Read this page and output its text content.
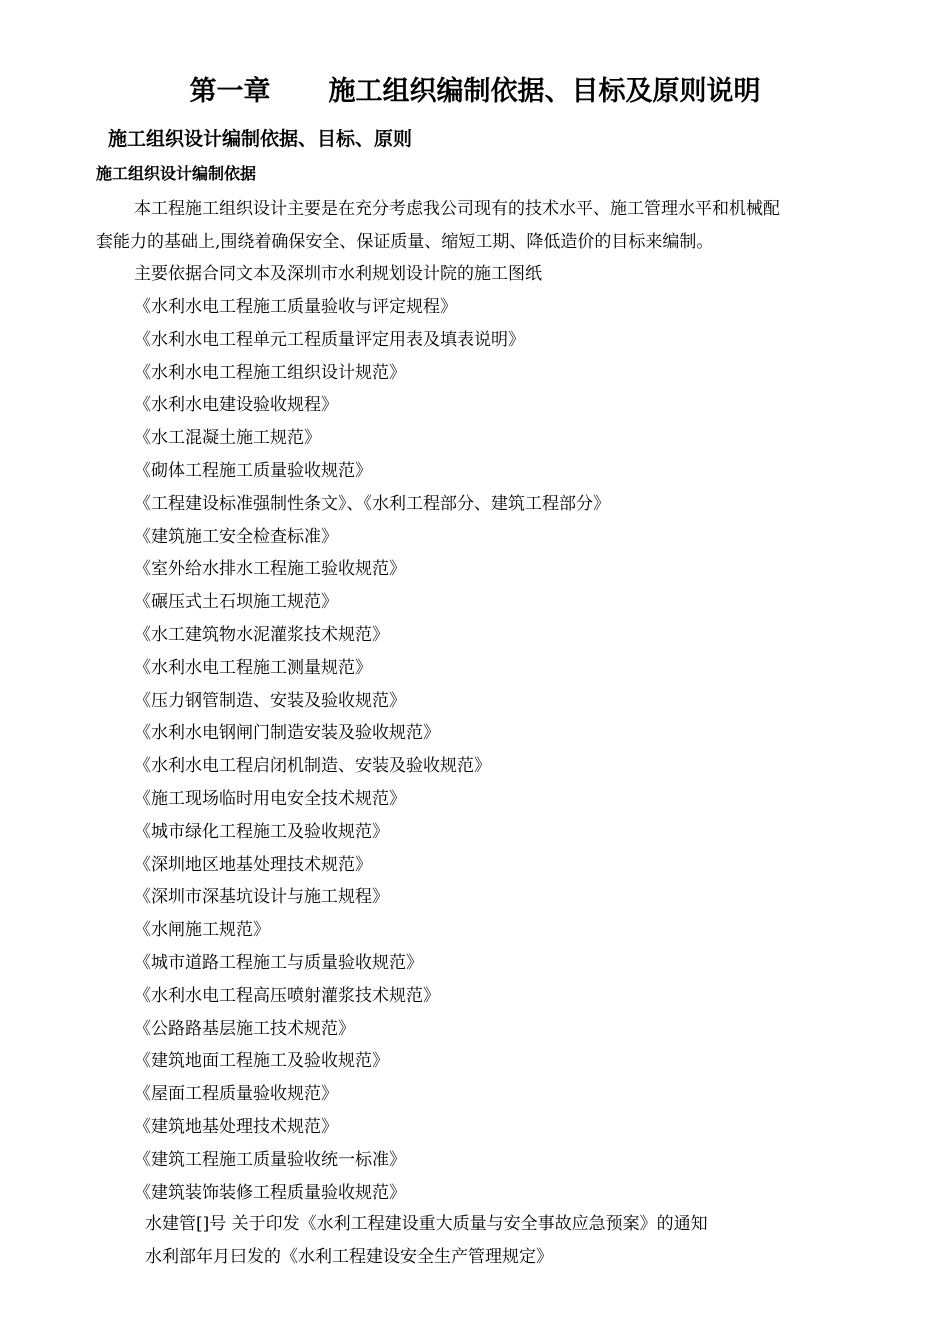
第一章 施工组织编制依据、目标及原则说明
施工组织设计编制依据、目标、原则
施工组织设计编制依据

本工程施工组织设计主要是在充分考虑我公司现有的技术水平、施工管理水平和机械配
套能力的基础上,围绕着确保安全、保证质量、缩短工期、降低造价的目标来编制。

主要依据合同文本及深圳市水利规划设计院的施工图纸
《水利水电工程施工质量验收与评定规程》
《水利水电工程单元工程质量评定用表及填表说明》
《水利水电工程施工组织设计规范》
《水利水电建设验收规程》
《水工混凝土施工规范》
《砌体工程施工质量验收规范》
《工程建设标准强制性条文》、《水利工程部分、建筑工程部分》
《建筑施工安全检查标准》
《室外给水排水工程施工验收规范》
《碾压式土石坝施工规范》
《水工建筑物水泥灌浆技术规范》
《水利水电工程施工测量规范》
《压力钢管制造、安装及验收规范》
《水利水电钢闸门制造安装及验收规范》
《水利水电工程启闭机制造、安装及验收规范》
《施工现场临时用电安全技术规范》
《城市绿化工程施工及验收规范》
《深圳地区地基处理技术规范》
《深圳市深基坑设计与施工规程》
《水闸施工规范》
《城市道路工程施工与质量验收规范》
《水利水电工程高压喷射灌浆技术规范》
《公路路基层施工技术规范》
《建筑地面工程施工及验收规范》
《屋面工程质量验收规范》
《建筑地基处理技术规范》
《建筑工程施工质量验收统一标准》
《建筑装饰装修工程质量验收规范》
水建管[]号 关于印发《水利工程建设重大质量与安全事故应急预案》的通知
水利部年月曰发的《水利工程建设安全生产管理规定》
